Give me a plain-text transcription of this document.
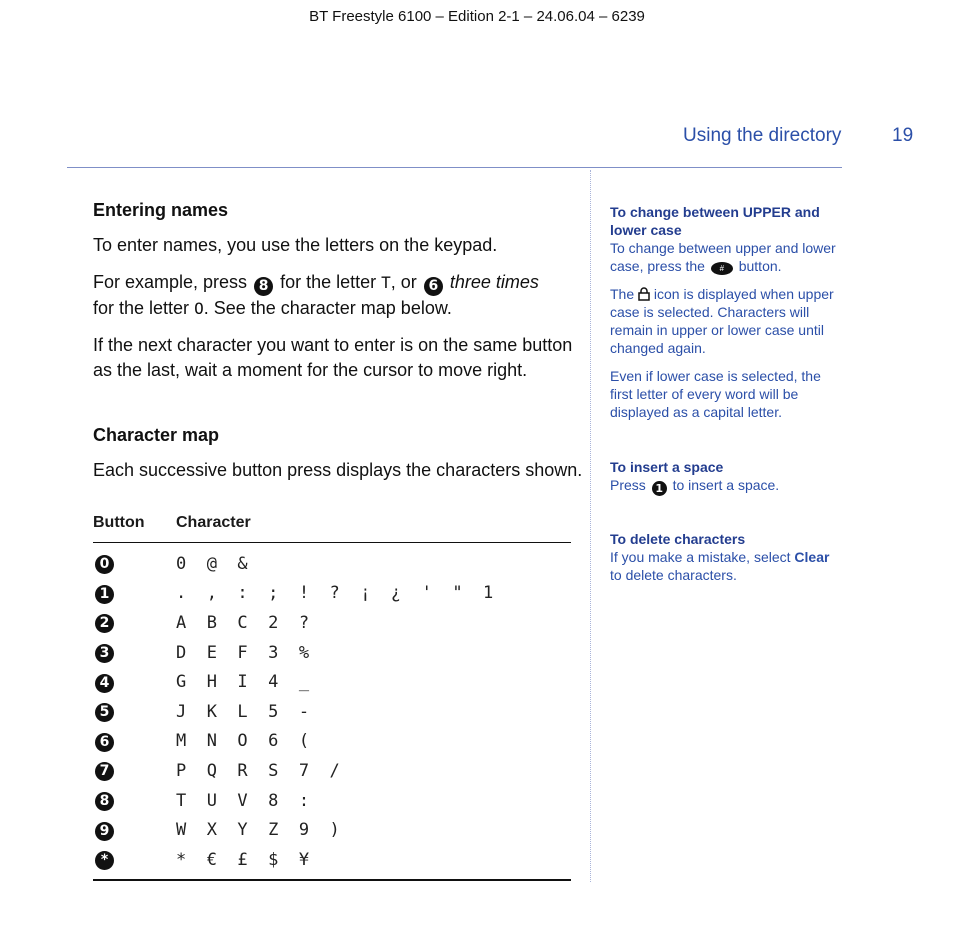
BT Freestyle 6100 – Edition 2-1 – 24.06.04 – 6239
Using the directory	19
Entering names

To enter names, you use the letters on the keypad.

For example, press 8 for the letter T, or 6 three times
for the letter O. See the character map below.

If the next character you want to enter is on the same button as the last, wait a moment for the cursor to move right.

Character map
Each successive button press displays the characters shown.
Button	Character
0	0  @  &
1	.  ,  :  ;  !  ?  ¡  ¿  '  "  1
2	A  B  C  2  ?
3	D  E  F  3  %
4	G  H  I  4  _
5	J  K  L  5  -
6	M  N  O  6  (
7	P  Q  R  S  7  /
8	T  U  V  8  :
9	W  X  Y  Z  9  )
*	*  €  £  $  ¥
To change between UPPER and lower case
To change between upper and lower case, press the # button.
The icon is displayed when upper case is selected. Characters will remain in upper or lower case until changed again.
Even if lower case is selected, the first letter of every word will be displayed as a capital letter.
To insert a space
Press 1 to insert a space.
To delete characters
If you make a mistake, select Clear to delete characters.
